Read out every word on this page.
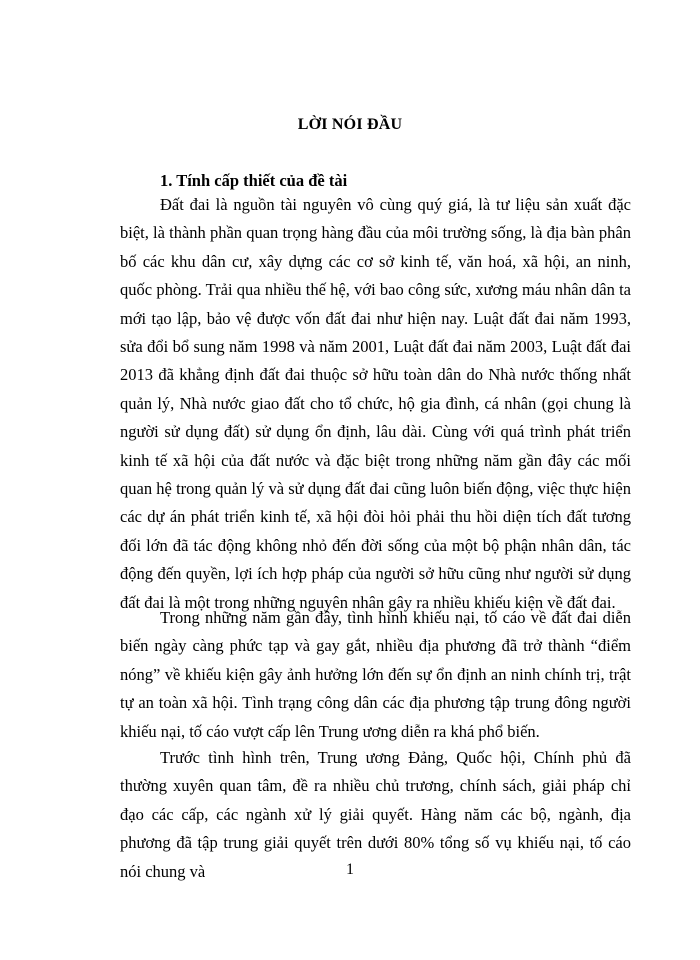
LỜI NÓI ĐẦU
1. Tính cấp thiết của đề tài

Đất đai là nguồn tài nguyên vô cùng quý giá, là tư liệu sản xuất đặc biệt, là thành phần quan trọng hàng đầu của môi trường sống, là địa bàn phân bố các khu dân cư, xây dựng các cơ sở kinh tế, văn hoá, xã hội, an ninh, quốc phòng. Trải qua nhiều thế hệ, với bao công sức, xương máu nhân dân ta mới tạo lập, bảo vệ được vốn đất đai như hiện nay. Luật đất đai năm 1993, sửa đổi bổ sung năm 1998 và năm 2001, Luật đất đai năm 2003, Luật đất đai 2013 đã khẳng định đất đai thuộc sở hữu toàn dân do Nhà nước thống nhất quản lý, Nhà nước giao đất cho tổ chức, hộ gia đình, cá nhân (gọi chung là người sử dụng đất) sử dụng ổn định, lâu dài. Cùng với quá trình phát triển kinh tế xã hội của đất nước và đặc biệt trong những năm gần đây các mối quan hệ trong quản lý và sử dụng đất đai cũng luôn biến động, việc thực hiện các dự án phát triển kinh tế, xã hội đòi hỏi phải thu hồi diện tích đất tương đối lớn đã tác động không nhỏ đến đời sống của một bộ phận nhân dân, tác động đến quyền, lợi ích hợp pháp của người sở hữu cũng như người sử dụng đất đai là một trong những nguyên nhân gây ra nhiều khiếu kiện về đất đai.

Trong những năm gần đây, tình hình khiếu nại, tố cáo về đất đai diễn biến ngày càng phức tạp và gay gắt, nhiều địa phương đã trở thành “điểm nóng” về khiếu kiện gây ảnh hưởng lớn đến sự ổn định an ninh chính trị, trật tự an toàn xã hội. Tình trạng công dân các địa phương tập trung đông người khiếu nại, tố cáo vượt cấp lên Trung ương diễn ra khá phổ biến.

Trước tình hình trên, Trung ương Đảng, Quốc hội, Chính phủ đã thường xuyên quan tâm, đề ra nhiều chủ trương, chính sách, giải pháp chỉ đạo các cấp, các ngành xử lý giải quyết. Hàng năm các bộ, ngành, địa phương đã tập trung giải quyết trên dưới 80% tổng số vụ khiếu nại, tố cáo nói chung và	1
